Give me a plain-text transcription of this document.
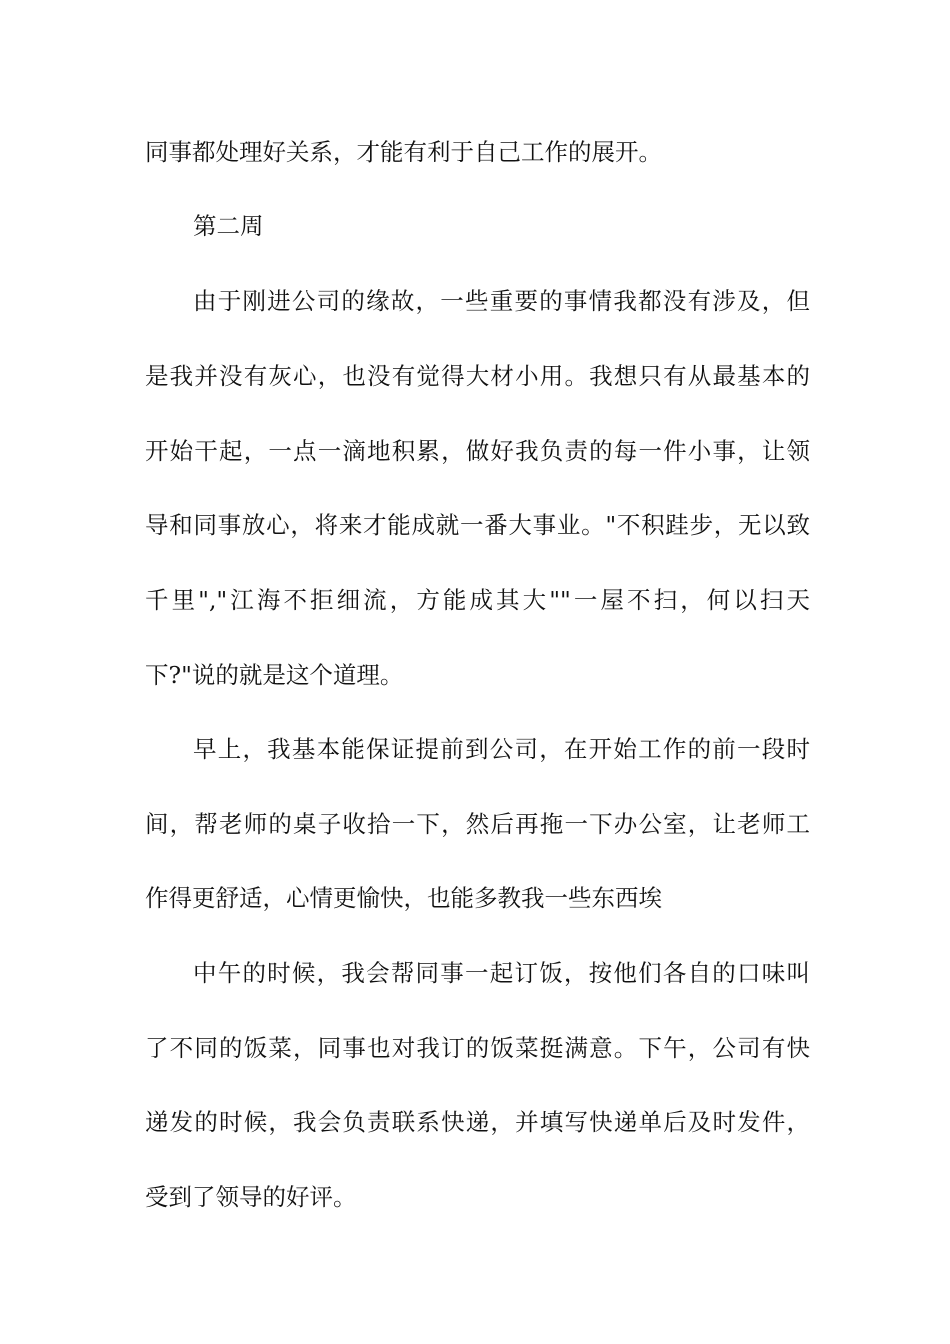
同事都处理好关系，才能有利于自己工作的展开。
第二周
由于刚进公司的缘故，一些重要的事情我都没有涉及，但
是我并没有灰心，也没有觉得大材小用。我想只有从最基本的
开始干起，一点一滴地积累，做好我负责的每一件小事，让领
导和同事放心，将来才能成就一番大事业。"不积跬步，无以致
千里","江海不拒细流，方能成其大""一屋不扫，何以扫天
下?"说的就是这个道理。
早上，我基本能保证提前到公司，在开始工作的前一段时
间，帮老师的桌子收拾一下，然后再拖一下办公室，让老师工
作得更舒适，心情更愉快，也能多教我一些东西埃
中午的时候，我会帮同事一起订饭，按他们各自的口味叫
了不同的饭菜，同事也对我订的饭菜挺满意。下午，公司有快
递发的时候，我会负责联系快递，并填写快递单后及时发件，
受到了领导的好评。
